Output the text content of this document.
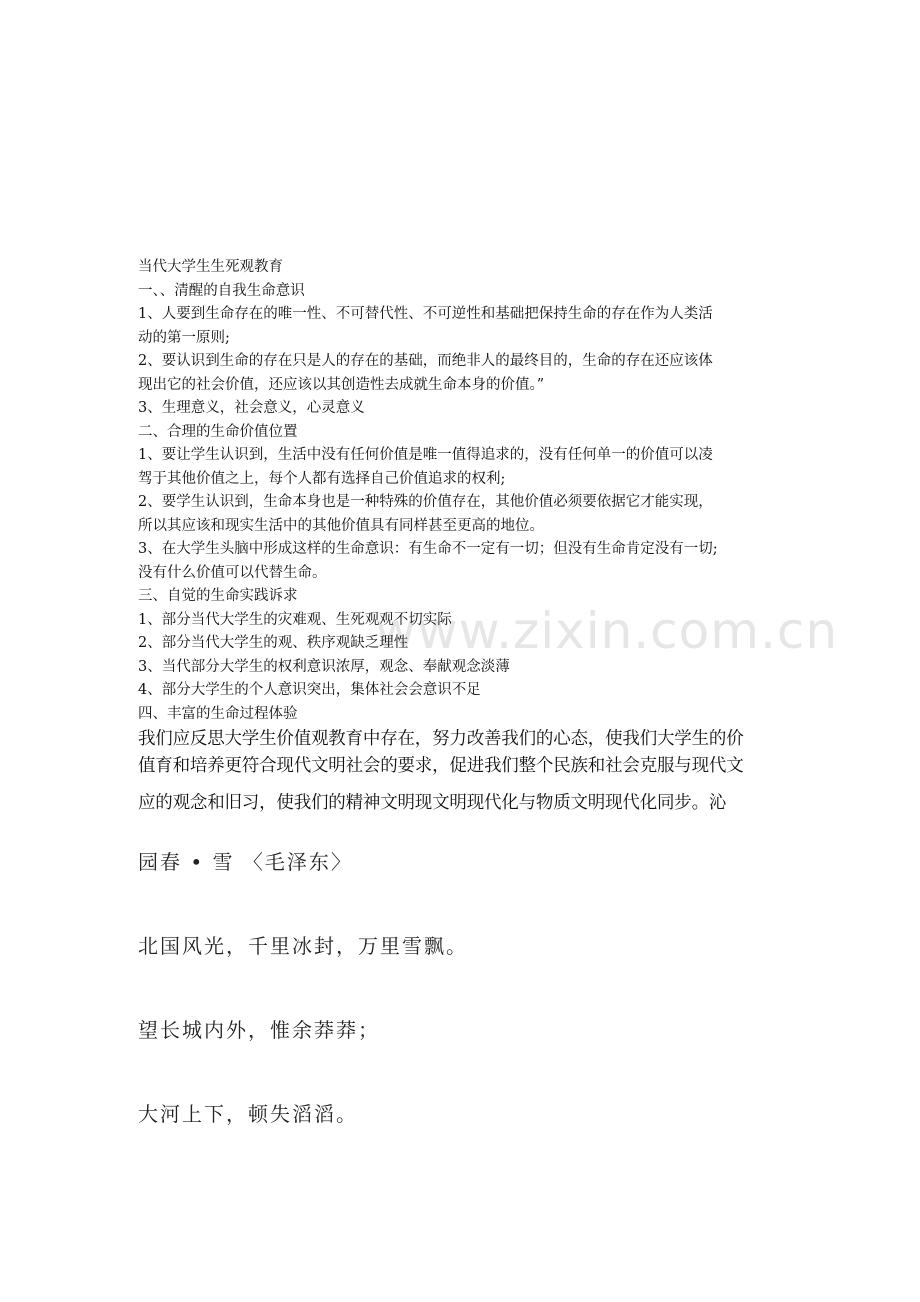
www.zixin.com.cn
当代大学生生死观教育
一、、清醒的自我生命意识
1、人要到生命存在的唯一性、不可替代性、不可逆性和基础把保持生命的存在作为人类活
动的第一原则;
2、要认识到生命的存在只是人的存在的基础，而绝非人的最终目的，生命的存在还应该体
现出它的社会价值，还应该以其创造性去成就生命本身的价值。”
3、生理意义，社会意义，心灵意义
二、合理的生命价值位置
1、要让学生认识到，生活中没有任何价值是唯一值得追求的，没有任何单一的价值可以凌
驾于其他价值之上，每个人都有选择自己价值追求的权利;
2、要学生认识到，生命本身也是一种特殊的价值存在，其他价值必须要依据它才能实现，
所以其应该和现实生活中的其他价值具有同样甚至更高的地位。
3、在大学生头脑中形成这样的生命意识：有生命不一定有一切；但没有生命肯定没有一切;
没有什么价值可以代替生命。
三、自觉的生命实践诉求
1、部分当代大学生的灾难观、生死观观不切实际
2、部分当代大学生的观、秩序观缺乏理性
3、当代部分大学生的权利意识浓厚，观念、奉献观念淡薄
4、部分大学生的个人意识突出，集体社会会意识不足
四、丰富的生命过程体验
我们应反思大学生价值观教育中存在，努力改善我们的心态，使我们大学生的价
值育和培养更符合现代文明社会的要求，促进我们整个民族和社会克服与现代文
应的观念和旧习，使我们的精神文明现文明现代化与物质文明现代化同步。沁
园春 • 雪 〈毛泽东〉
北国风光，千里冰封，万里雪飘。
望长城内外，惟余莽莽；
大河上下，顿失滔滔。
